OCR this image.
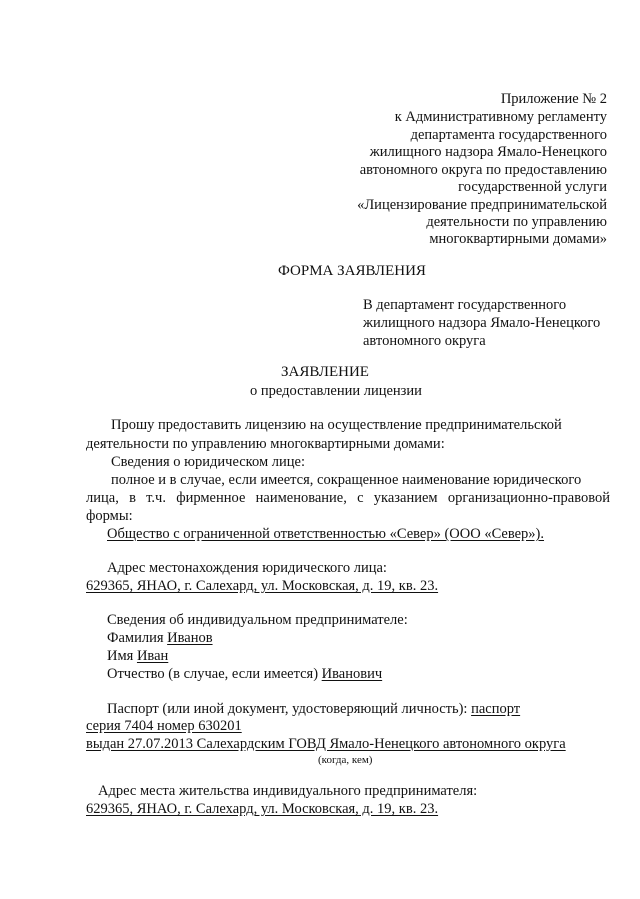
Приложение № 2
к Административному регламенту
департамента государственного
жилищного надзора Ямало-Ненецкого
автономного округа по предоставлению
государственной услуги
«Лицензирование предпринимательской
деятельности по управлению
многоквартирными домами»
ФОРМА ЗАЯВЛЕНИЯ
В департамент государственного
жилищного надзора Ямало-Ненецкого
автономного округа
ЗАЯВЛЕНИЕ
о предоставлении лицензии
Прошу предоставить лицензию на осуществление предпринимательской
деятельности по управлению многоквартирными домами:
Сведения о юридическом лице:
полное и в случае, если имеется, сокращенное наименование юридического
лица, в т.ч. фирменное наименование, с указанием организационно-правовой
формы:
Общество с ограниченной ответственностью «Север» (ООО «Север»).
Адрес местонахождения юридического лица:
629365, ЯНАО, г. Салехард, ул. Московская, д. 19, кв. 23.
Сведения об индивидуальном предпринимателе:
Фамилия Иванов
Имя Иван
Отчество (в случае, если имеется) Иванович
Паспорт (или иной документ, удостоверяющий личность): паспорт
серия 7404 номер 630201
выдан 27.07.2013 Салехардским ГОВД Ямало-Ненецкого автономного округа
(когда, кем)
Адрес места жительства индивидуального предпринимателя:
629365, ЯНАО, г. Салехард, ул. Московская, д. 19, кв. 23.
